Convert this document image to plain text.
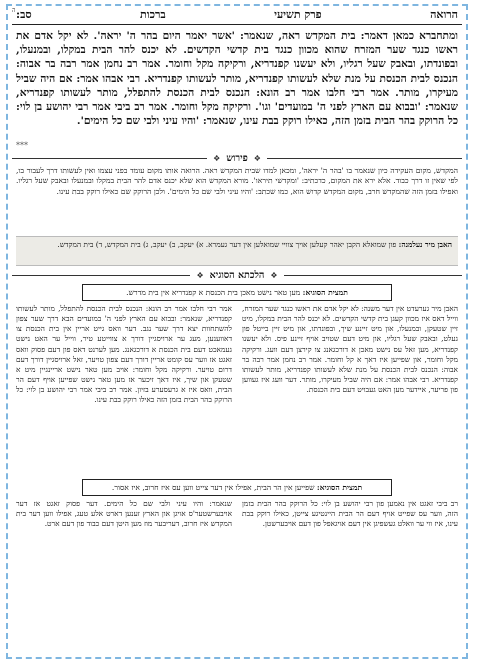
ה	הרואה
פרק תשיעי
ברכות
סב:
ומתחברא כמאן דאמר: בית המקדש ראה, שנאמר: 'אשר יאמר היום בהר ה' יראה'. לא יקל אדם את ראשו כנגד שער המזרח שהוא מכוון כנגד בית קדשי הקדשים. לא יכנס להר הבית במקלו, ובמנעלו, ובפונדתו, ובאבק שעל רגליו, ולא יעשנו קפנדריא, ורקיקה מקל וחומר. אמר רב נחמן אמר רבה בר אבוה: הנכנס לבית הכנסת על מנת שלא לעשותו קפנדריא, מותר לעשותו קפנדריא. רבי אבהו אמר: אם היה שביל מעיקרו, מותר. אמר רבי חלבו אמר רב הונא: הנכנס לבית הכנסת להתפלל, מותר לעשותו קפנדריא, שנאמר: 'ובבוא עם הארץ לפני ה' במועדים' וגו'. ורקיקה מקל וחומר. אמר רב ביבי אמר רבי יהושע בן לוי: כל הרוקק בהר הבית בזמן הזה, כאילו רוקק בבת עינו, שנאמר: 'והיו עיני ולבי שם כל הימים'.
***
❖
פירוש
❖
המקדש, מקום העקידה כיון שנאמר בו 'בהר ה' יראה', ומכאן למדו שבית המקדש ראה. הרואה אותו מקום עומד בפני עצמו ואין לעשותו דרך לעבור בו, לפי שאין זו דרך כבוד. אלא ירא את המקום, כדכתיב: 'ומקדשי תיראו'. מורא המקדש הוא שלא יכנס אדם להר הבית במקלו ובמנעלו ובאבק שעל רגליו. ואפילו בזמן הזה שהמקדש חרב, מקום המקדש קדוש הוא, כמו שכתב: 'והיו עיני ולבי שם כל הימים'. ולכן הרוקק שם כאילו רוקק בבת עינו.
האבן מיר נעלמנה: פון שמואלא הקבן יאהר קעלען אויך צוויי שמואלען אין דער געמרא. א) יעקב, ב) יעקב, ג) בית המקדש, ד) בית המקדש.
❖
הלכתא הסוגיא
❖
תמצית הסוגיא: מען טאר נישט מאכן בית הכנסת א קפנדריא אין בית מדרש.
האבן מיר גערעדט אין דער משנה: לא יקל אדם את ראשו כנגד שער המזרח, ווייל דאס איז מכוון קעגן בית קדשי הקדשים. לא יכנס להר הבית במקלו, מיט זיין שטעקן, ובמנעלו, און מיט זיינע שיך, ובפונדתו, און מיט זיין בייטל פון געלט, ובאבק שעל רגליו, און מיט דעם שטויב אויף זיינע פיס. ולא יעשנו קפנדריא, מען זאל עס נישט מאכן א דורכגאנג צו קירצן דעם וועג. ורקיקה מקל וחומר, און שפייען איז דאך א קל וחומר. אמר רב נחמן אמר רבה בר אבוה: הנכנס לבית הכנסת על מנת שלא לעשותו קפנדריא, מותר לעשותו קפנדריא. רבי אבהו אמר: אם היה שביל מעיקרו, מותר. דער וועג איז געווען פון פריער, איידער מען האט געבויט דעם בית הכנסת.
אמר רבי חלבו אמר רב הונא: הנכנס לבית הכנסת להתפלל, מותר לעשותו קפנדריא, שנאמר: ובבוא עם הארץ לפני ה' במועדים הבא דרך שער צפון להשתחוות יצא דרך שער נגב. דער וואס גייט אריין אין בית הכנסת צו דאווענען, מעג ער ארויסגיין דורך א צווייטע טיר, ווייל ער האט נישט געמאכט דעם בית הכנסת א דורכגאנג. מען לערנט דאס פון דעם פסוק וואס זאגט אז ווער עס קומט אריין דורך דעם צפון טויער, זאל ארויסגיין דורך דעם דרום טויער. ורקיקה מקל וחומר: אויב מען טאר נישט אריינגיין מיט א שטעקן און שיך, איז דאך זיכער אז מען טאר נישט שפייען אויף דעם הר הבית, וואס איז א גרעסערע בזיון. אמר רב ביבי אמר רבי יהושע בן לוי: כל הרוקק בהר הבית בזמן הזה כאילו רוקק בבת עינו.
תמצית הסוגיא: שפייען אין הר הבית, אפילו אין דער צייט ווען עס איז חרוב, איז אסור.
רב ביבי זאגט אין נאמען פון רבי יהושע בן לוי: כל הרוקק בהר הבית בזמן הזה, ווער עס שפייט אויף דעם הר הבית היינטיגע צייטן, כאילו רוקק בבת עינו, איז ווי ער וואלט געשפיגן אין דעם אויגאפל פון דעם אויבערשטן.
שנאמר: והיו עיני ולבי שם כל הימים. דער פסוק זאגט אז דער אויבערשטער'ס אויגן און הארץ זענען דארט אלע טעג, אפילו ווען דער בית המקדש איז חרוב, דעריבער מוז מען היטן דעם כבוד פון דעם ארט.
